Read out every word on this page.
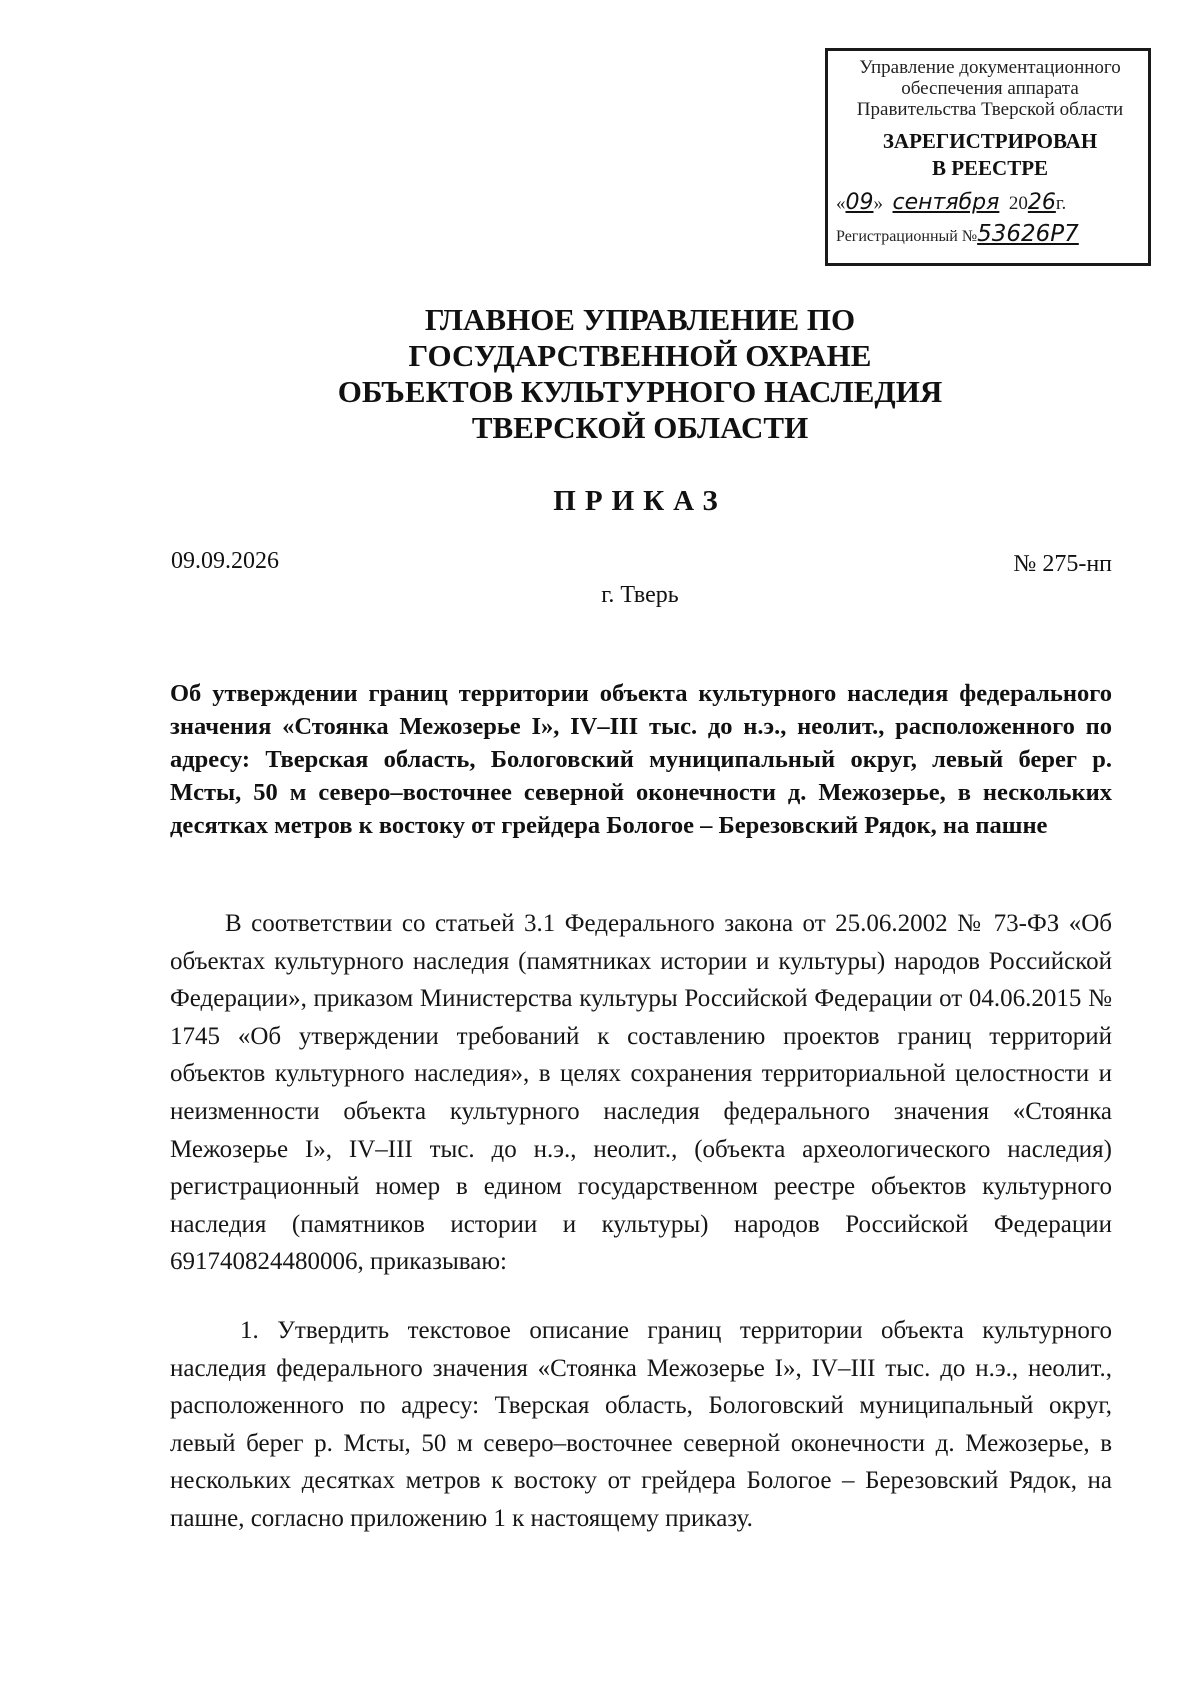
Управление документационного
обеспечения аппарата
Правительства Тверской области
ЗАРЕГИСТРИРОВАН
В РЕЕСТРЕ
«09» сентября 2026г.
Регистрационный №53626Р7
ГЛАВНОЕ УПРАВЛЕНИЕ ПО
ГОСУДАРСТВЕННОЙ ОХРАНЕ
ОБЪЕКТОВ КУЛЬТУРНОГО НАСЛЕДИЯ
ТВЕРСКОЙ ОБЛАСТИ
ПРИКАЗ
09.09.2026	№ 275-нп
г. Тверь
Об утверждении границ территории объекта культурного наследия федерального значения «Стоянка Межозерье I», IV–III тыс. до н.э., неолит., расположенного по адресу: Тверская область, Бологовский муниципальный округ, левый берег р. Мсты, 50 м северо–восточнее северной оконечности д. Межозерье, в нескольких десятках метров к востоку от грейдера Бологое – Березовский Рядок, на пашне

В соответствии со статьей 3.1 Федерального закона от 25.06.2002 № 73-ФЗ «Об объектах культурного наследия (памятниках истории и культуры) народов Российской Федерации», приказом Министерства культуры Российской Федерации от 04.06.2015 № 1745 «Об утверждении требований к составлению проектов границ территорий объектов культурного наследия», в целях сохранения территориальной целостности и неизменности объекта культурного наследия федерального значения «Стоянка Межозерье I», IV–III тыс. до н.э., неолит., (объекта археологического наследия) регистрационный номер в едином государственном реестре объектов культурного наследия (памятников истории и культуры) народов Российской Федерации 691740824480006, приказываю:

1. Утвердить текстовое описание границ территории объекта культурного наследия федерального значения «Стоянка Межозерье I», IV–III тыс. до н.э., неолит., расположенного по адресу: Тверская область, Бологовский муниципальный округ, левый берег р. Мсты, 50 м северо–восточнее северной оконечности д. Межозерье, в нескольких десятках метров к востоку от грейдера Бологое – Березовский Рядок, на пашне, согласно приложению 1 к настоящему приказу.
